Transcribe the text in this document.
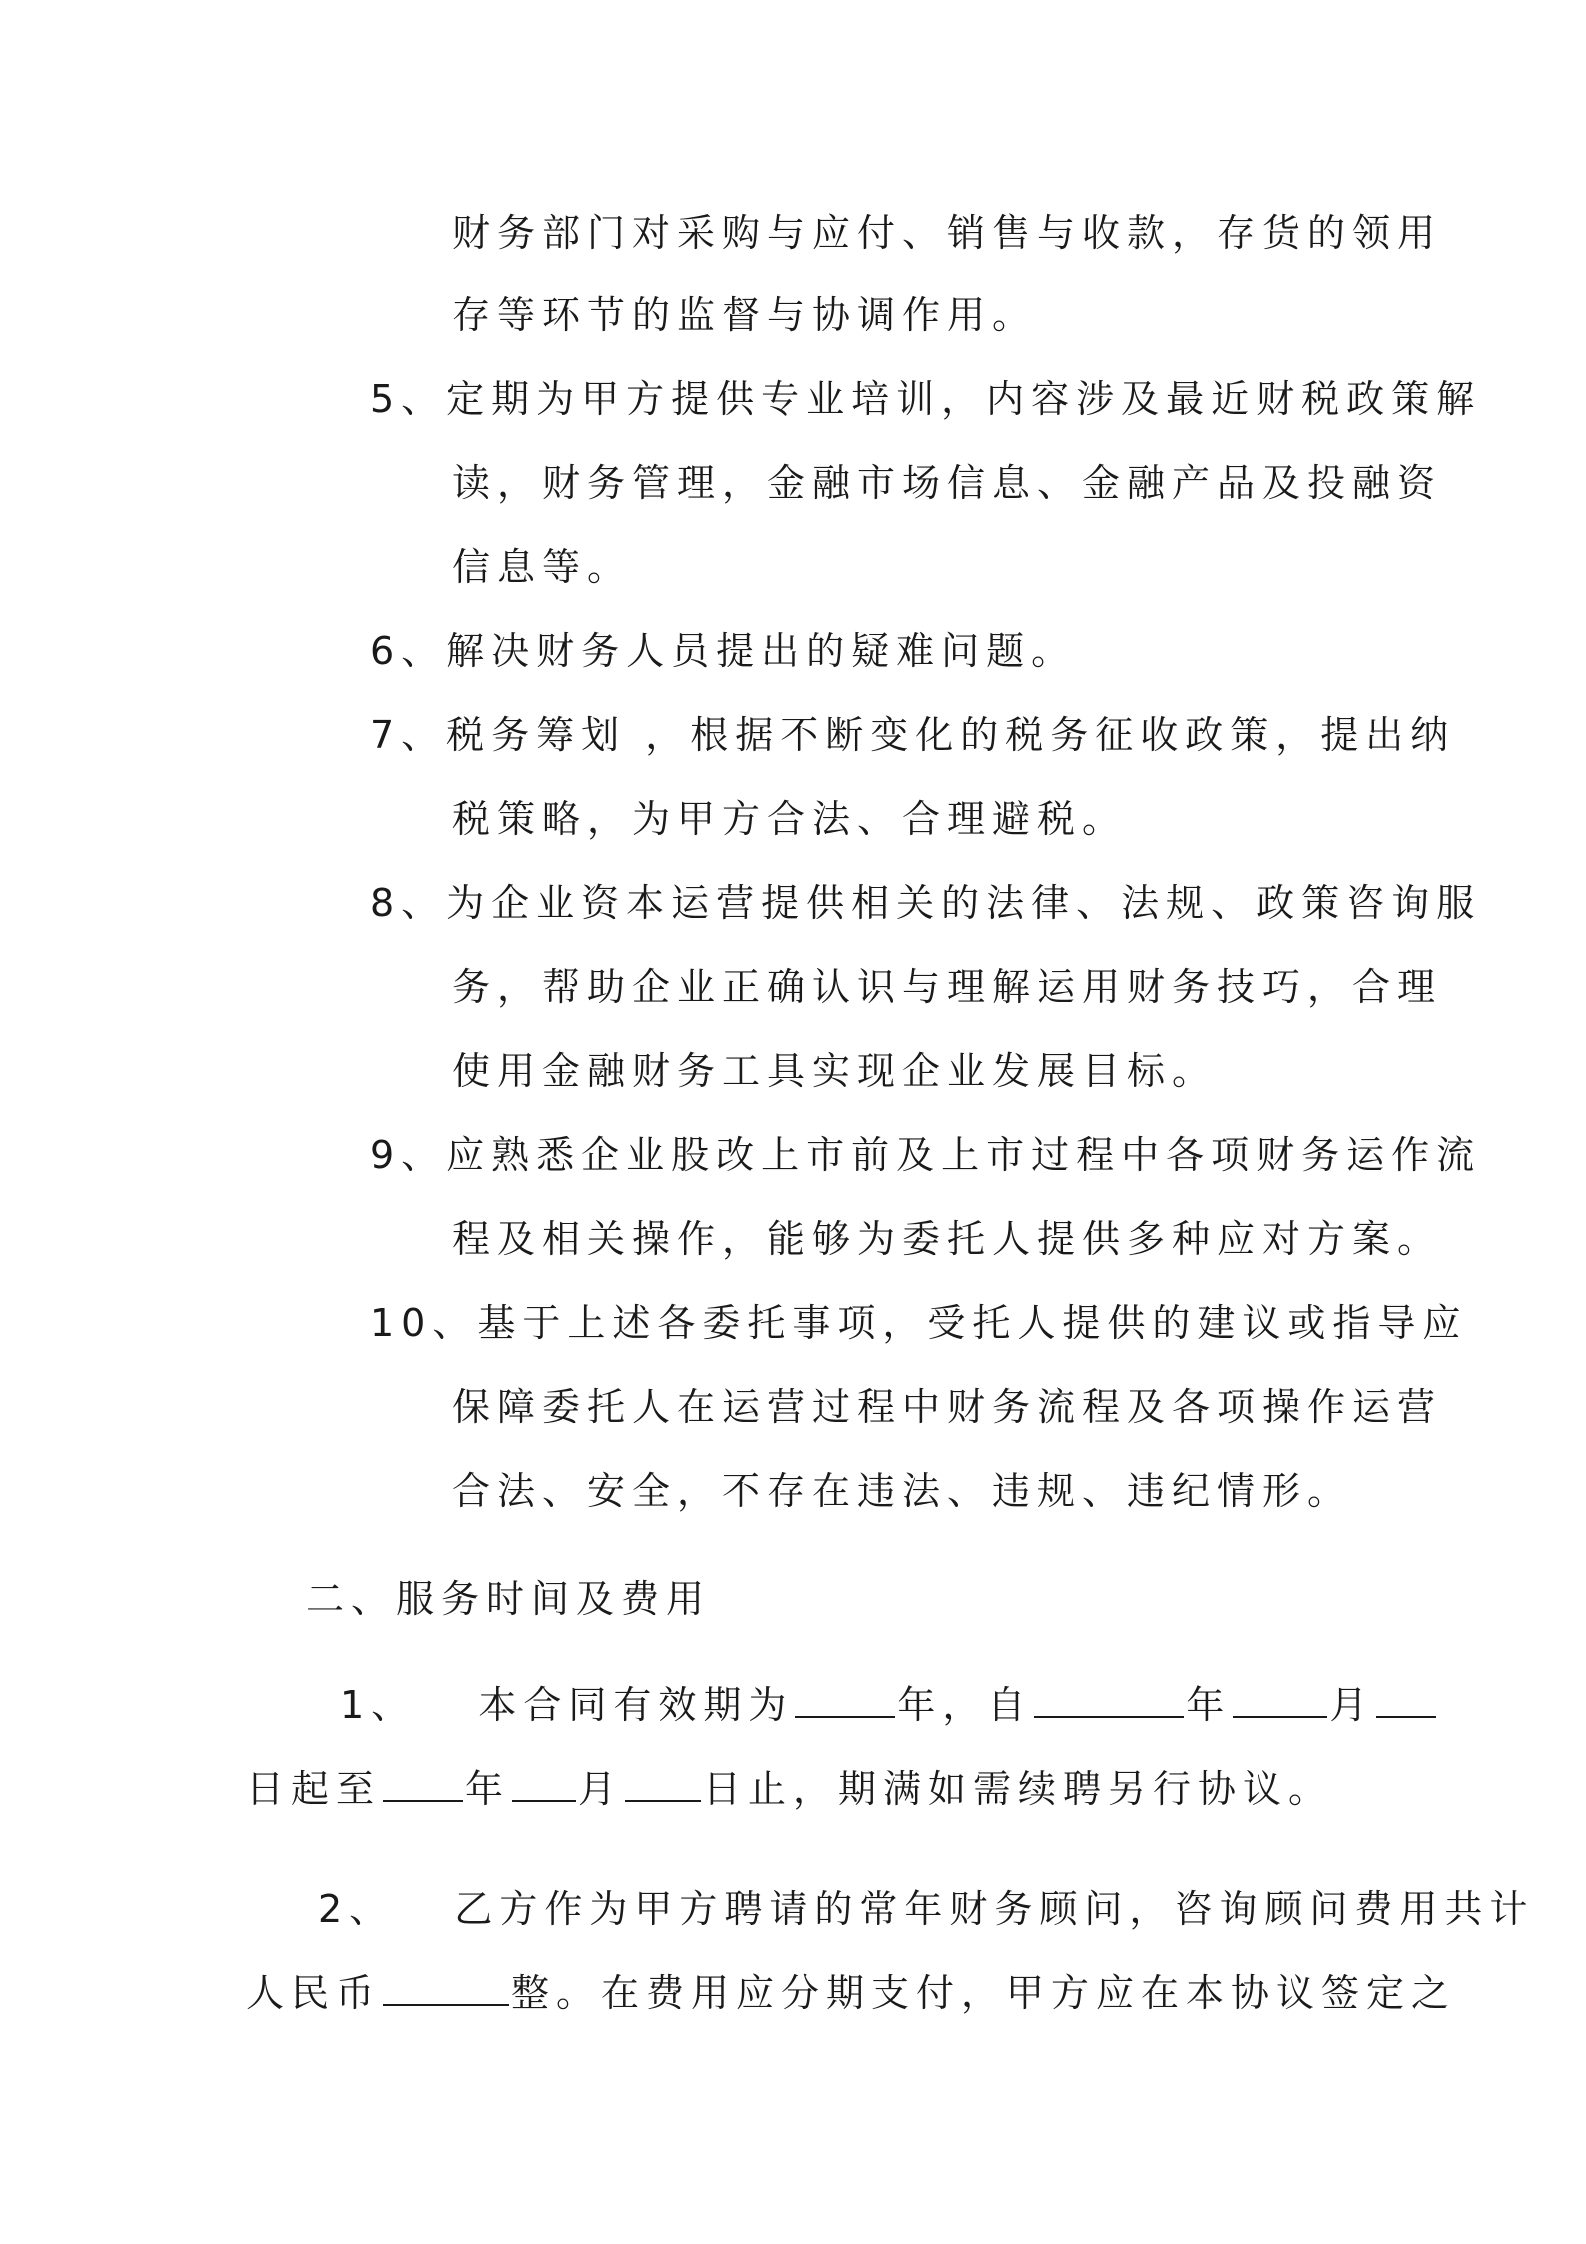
财务部门对采购与应付、销售与收款，存货的领用
存等环节的监督与协调作用。
5、定期为甲方提供专业培训，内容涉及最近财税政策解
读，财务管理，金融市场信息、金融产品及投融资
信息等。
6、解决财务人员提出的疑难问题。
7、税务筹划 ，根据不断变化的税务征收政策，提出纳
税策略，为甲方合法、合理避税。
8、为企业资本运营提供相关的法律、法规、政策咨询服
务，帮助企业正确认识与理解运用财务技巧，合理
使用金融财务工具实现企业发展目标。
9、应熟悉企业股改上市前及上市过程中各项财务运作流
程及相关操作，能够为委托人提供多种应对方案。
10、基于上述各委托事项，受托人提供的建议或指导应
保障委托人在运营过程中财务流程及各项操作运营
合法、安全，不存在违法、违规、违纪情形。
二、服务时间及费用
1、 本合同有效期为	年，自	年	月
日起至 年 月 日止，期满如需续聘另行协议。
2、 乙方作为甲方聘请的常年财务顾问，咨询顾问费用共计
人民币	整。在费用应分期支付，甲方应在本协议签定之
